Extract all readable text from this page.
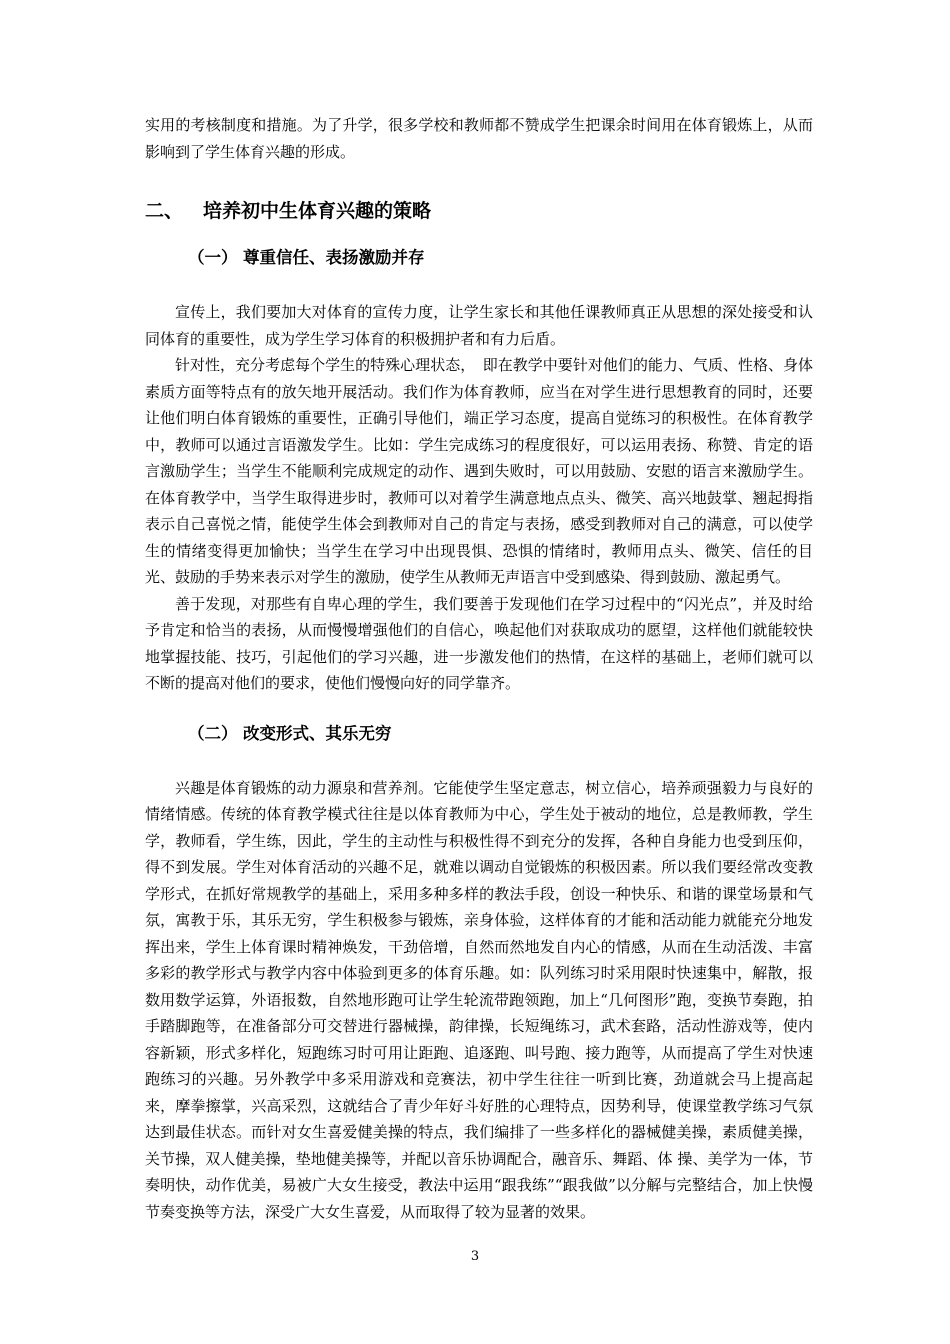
实用的考核制度和措施。为了升学，很多学校和教师都不赞成学生把课余时间用在体育锻炼上，从而影响到了学生体育兴趣的形成。

二、 培养初中生体育兴趣的策略
（一） 尊重信任、表扬激励并存

宣传上，我们要加大对体育的宣传力度，让学生家长和其他任课教师真正从思想的深处接受和认同体育的重要性，成为学生学习体育的积极拥护者和有力后盾。

针对性，充分考虑每个学生的特殊心理状态，　即在教学中要针对他们的能力、气质、性格、身体素质方面等特点有的放矢地开展活动。我们作为体育教师，应当在对学生进行思想教育的同时，还要让他们明白体育锻炼的重要性，正确引导他们，端正学习态度，提高自觉练习的积极性。在体育教学中，教师可以通过言语激发学生。比如：学生完成练习的程度很好，可以运用表扬、称赞、肯定的语言激励学生；当学生不能顺利完成规定的动作、遇到失败时，可以用鼓励、安慰的语言来激励学生。在体育教学中，当学生取得进步时，教师可以对着学生满意地点点头、微笑、高兴地鼓掌、翘起拇指表示自己喜悦之情，能使学生体会到教师对自己的肯定与表扬，感受到教师对自己的满意，可以使学生的情绪变得更加愉快；当学生在学习中出现畏惧、恐惧的情绪时，教师用点头、微笑、信任的目光、鼓励的手势来表示对学生的激励，使学生从教师无声语言中受到感染、得到鼓励、激起勇气。

善于发现，对那些有自卑心理的学生，我们要善于发现他们在学习过程中的“闪光点”，并及时给予肯定和恰当的表扬，从而慢慢增强他们的自信心，唤起他们对获取成功的愿望，这样他们就能较快地掌握技能、技巧，引起他们的学习兴趣，进一步激发他们的热情，在这样的基础上，老师们就可以不断的提高对他们的要求，使他们慢慢向好的同学靠齐。

（二） 改变形式、其乐无穷

兴趣是体育锻炼的动力源泉和营养剂。它能使学生坚定意志，树立信心，培养顽强毅力与良好的情绪情感。传统的体育教学模式往往是以体育教师为中心，学生处于被动的地位，总是教师教，学生学，教师看，学生练，因此，学生的主动性与积极性得不到充分的发挥，各种自身能力也受到压仰，得不到发展。学生对体育活动的兴趣不足，就难以调动自觉锻炼的积极因素。所以我们要经常改变教学形式，在抓好常规教学的基础上，采用多种多样的教法手段，创设一种快乐、和谐的课堂场景和气氛，寓教于乐，其乐无穷，学生积极参与锻炼，亲身体验，这样体育的才能和活动能力就能充分地发挥出来，学生上体育课时精神焕发，干劲倍增，自然而然地发自内心的情感，从而在生动活泼、丰富多彩的教学形式与教学内容中体验到更多的体育乐趣。如：队列练习时采用限时快速集中，解散，报数用数学运算，外语报数，自然地形跑可让学生轮流带跑领跑，加上“几何图形”跑，变换节奏跑，拍手踏脚跑等，在准备部分可交替进行器械操，韵律操，长短绳练习，武术套路，活动性游戏等，使内容新颖，形式多样化，短跑练习时可用让距跑、追逐跑、叫号跑、接力跑等，从而提高了学生对快速跑练习的兴趣。另外教学中多采用游戏和竞赛法，初中学生往往一听到比赛，劲道就会马上提高起来，摩拳擦掌，兴高采烈，这就结合了青少年好斗好胜的心理特点，因势利导，使课堂教学练习气氛达到最佳状态。而针对女生喜爱健美操的特点，我们编排了一些多样化的器械健美操，素质健美操，关节操，双人健美操，垫地健美操等，并配以音乐协调配合，融音乐、舞蹈、体 操、美学为一体，节奏明快，动作优美，易被广大女生接受，教法中运用“跟我练”“跟我做”以分解与完整结合，加上快慢节奏变换等方法，深受广大女生喜爱，从而取得了较为显著的效果。

3
